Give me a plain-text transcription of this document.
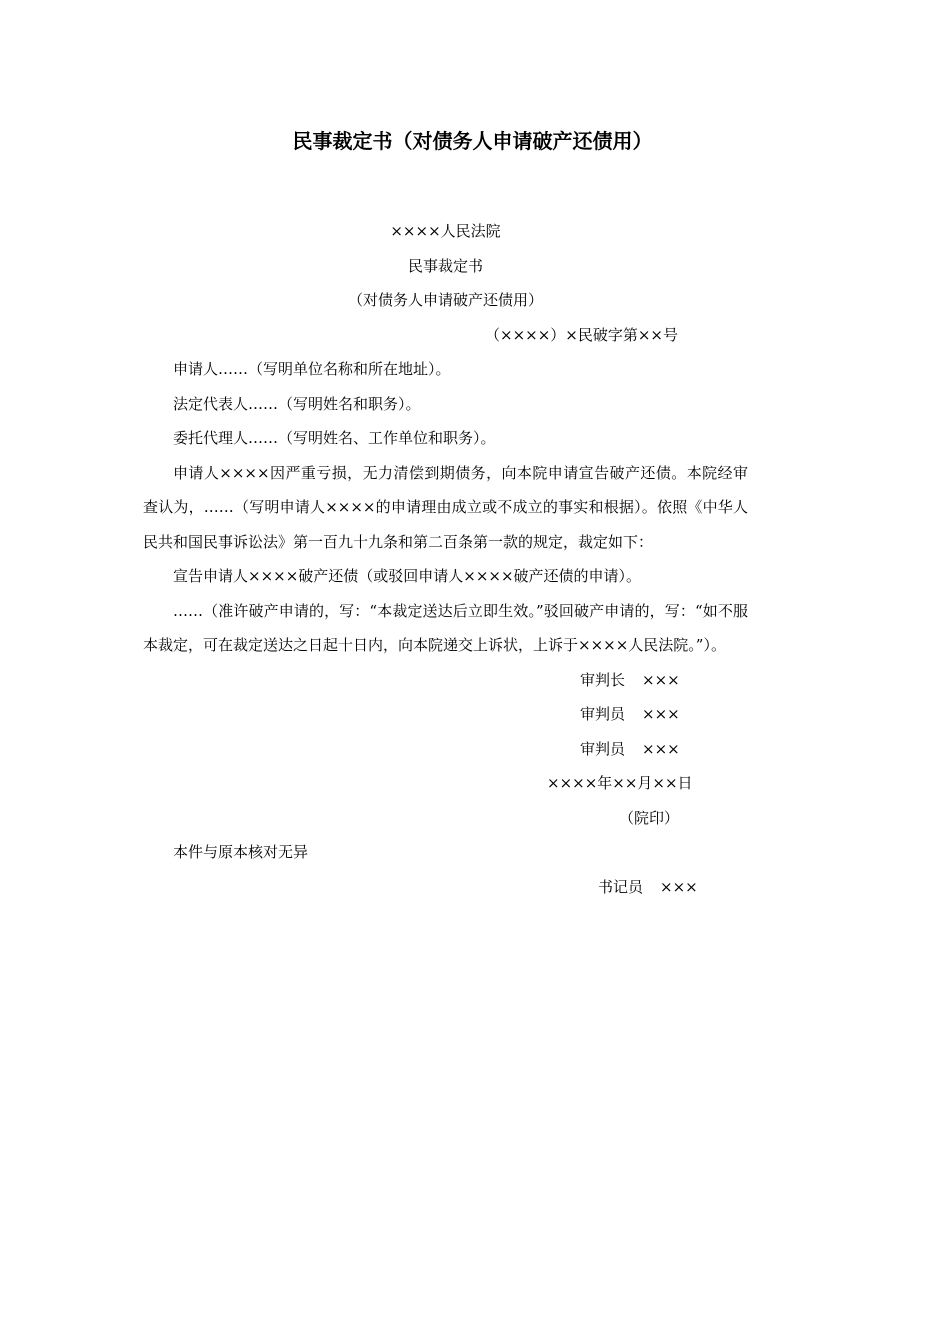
民事裁定书（对债务人申请破产还债用）
××××人民法院
民事裁定书
（对债务人申请破产还债用）
（××××）×民破字第××号
申请人……（写明单位名称和所在地址）。
法定代表人……（写明姓名和职务）。
委托代理人……（写明姓名、工作单位和职务）。
申请人××××因严重亏损，无力清偿到期债务，向本院申请宣告破产还债。本院经审查认为，……（写明申请人××××的申请理由成立或不成立的事实和根据）。依照《中华人民共和国民事诉讼法》第一百九十九条和第二百条第一款的规定，裁定如下：
宣告申请人××××破产还债（或驳回申请人××××破产还债的申请）。
……（准许破产申请的，写：“本裁定送达后立即生效。”驳回破产申请的，写：“如不服本裁定，可在裁定送达之日起十日内，向本院递交上诉状，上诉于××××人民法院。”）。
审判长 ×××
审判员 ×××
审判员 ×××
××××年××月××日
（院印）
本件与原本核对无异
书记员 ×××
